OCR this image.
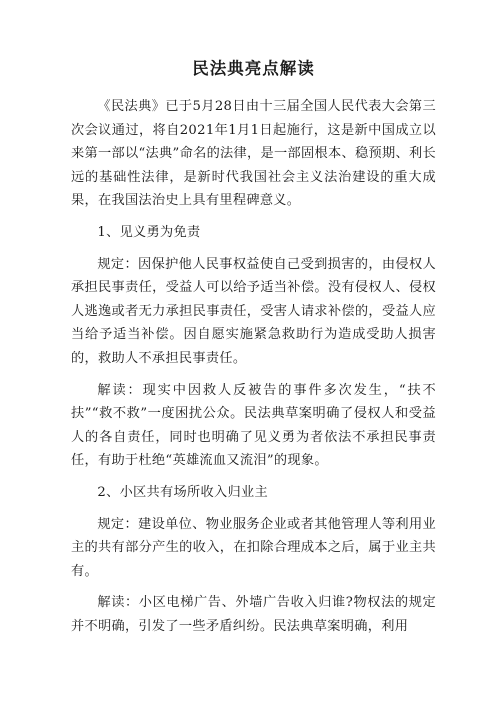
民法典亮点解读

《民法典》已于5月28日由十三届全国人民代表大会第三次会议通过，将自2021年1月1日起施行，这是新中国成立以来第一部以“法典”命名的法律，是一部固根本、稳预期、利长远的基础性法律，是新时代我国社会主义法治建设的重大成果，在我国法治史上具有里程碑意义。

1、见义勇为免责

规定：因保护他人民事权益使自己受到损害的，由侵权人承担民事责任，受益人可以给予适当补偿。没有侵权人、侵权人逃逸或者无力承担民事责任，受害人请求补偿的，受益人应当给予适当补偿。因自愿实施紧急救助行为造成受助人损害的，救助人不承担民事责任。

解读：现实中因救人反被告的事件多次发生，“扶不扶”“救不救”一度困扰公众。民法典草案明确了侵权人和受益人的各自责任，同时也明确了见义勇为者依法不承担民事责任，有助于杜绝“英雄流血又流泪”的现象。

2、小区共有场所收入归业主

规定：建设单位、物业服务企业或者其他管理人等利用业主的共有部分产生的收入，在扣除合理成本之后，属于业主共有。

解读：小区电梯广告、外墙广告收入归谁?物权法的规定并不明确，引发了一些矛盾纠纷。民法典草案明确，利用
